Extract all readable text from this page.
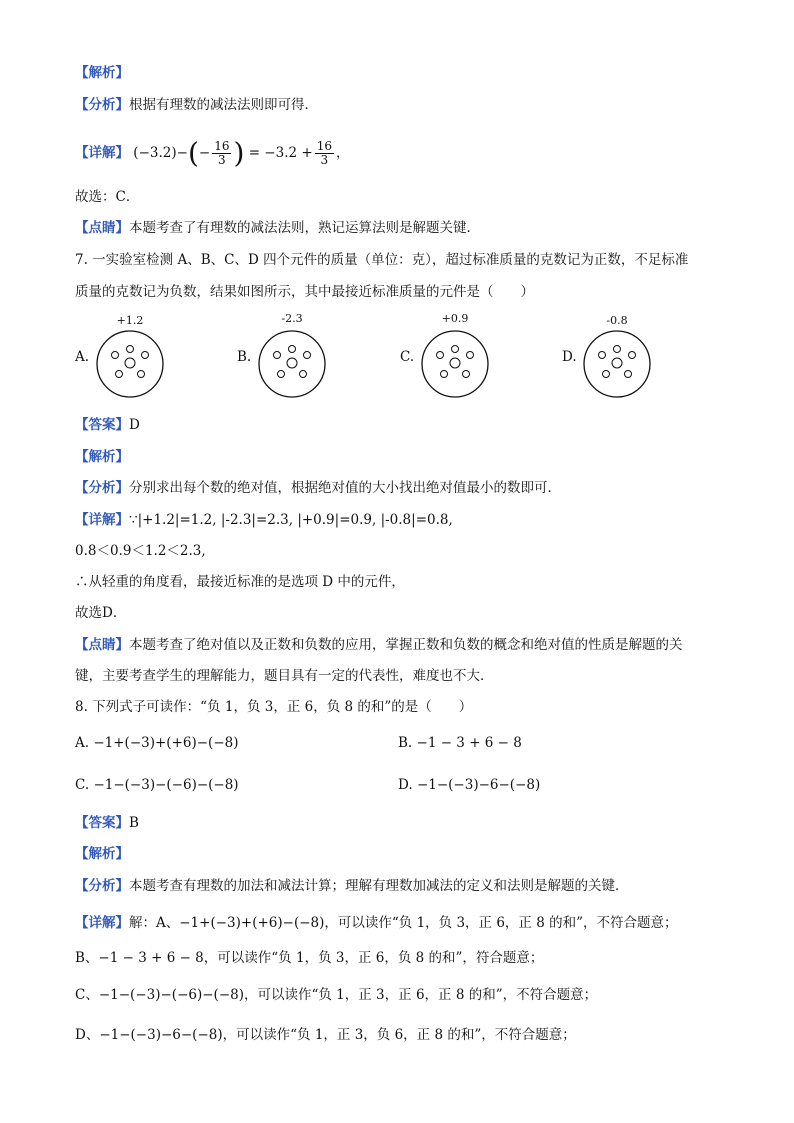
【解析】
【分析】根据有理数的减法法则即可得．
【详解】 $(-3.2)-(- \frac{16}{3}$ ) = $-3.2 + \frac{16}{3}$ ，
故选：C．
【点睛】本题考查了有理数的减法法则，熟记运算法则是解题关键．
7. 一实验室检测 A、B、C、D 四个元件的质量（单位：克），超过标准质量的克数记为正数，不足标准
质量的克数记为负数，结果如图所示，其中最接近标准质量的元件是（　　）
A.
+1.2
B.
-2.3
C.
+0.9
D.
-0.8
【答案】D
【解析】
【分析】分别求出每个数的绝对值，根据绝对值的大小找出绝对值最小的数即可．
【详解】∵|+1.2|=1.2, |-2.3|=2.3, |+0.9|=0.9, |-0.8|=0.8,
0.8＜0.9＜1.2＜2.3,
∴从轻重的角度看，最接近标准的是选项 D 中的元件，
故选D．
【点睛】本题考查了绝对值以及正数和负数的应用，掌握正数和负数的概念和绝对值的性质是解题的关
键，主要考查学生的理解能力，题目具有一定的代表性，难度也不大．
8. 下列式子可读作：“负 1，负 3，正 6，负 8 的和”的是（　　）
A. −1+(−3)+(+6)−(−8)	B. −1 − 3 + 6 − 8
C. −1−(−3)−(−6)−(−8)	D. −1−(−3)−6−(−8)
【答案】B
【解析】
【分析】本题考查有理数的加法和减法计算；理解有理数加减法的定义和法则是解题的关键．
【详解】解：A、−1+(−3)+(+6)−(−8)，可以读作“负 1，负 3，正 6，正 8 的和”，不符合题意；
B、−1 − 3 + 6 − 8，可以读作“负 1，负 3，正 6，负 8 的和”，符合题意；
C、−1−(−3)−(−6)−(−8)，可以读作“负 1，正 3，正 6，正 8 的和”，不符合题意；
D、−1−(−3)−6−(−8)，可以读作“负 1，正 3，负 6，正 8 的和”，不符合题意；
